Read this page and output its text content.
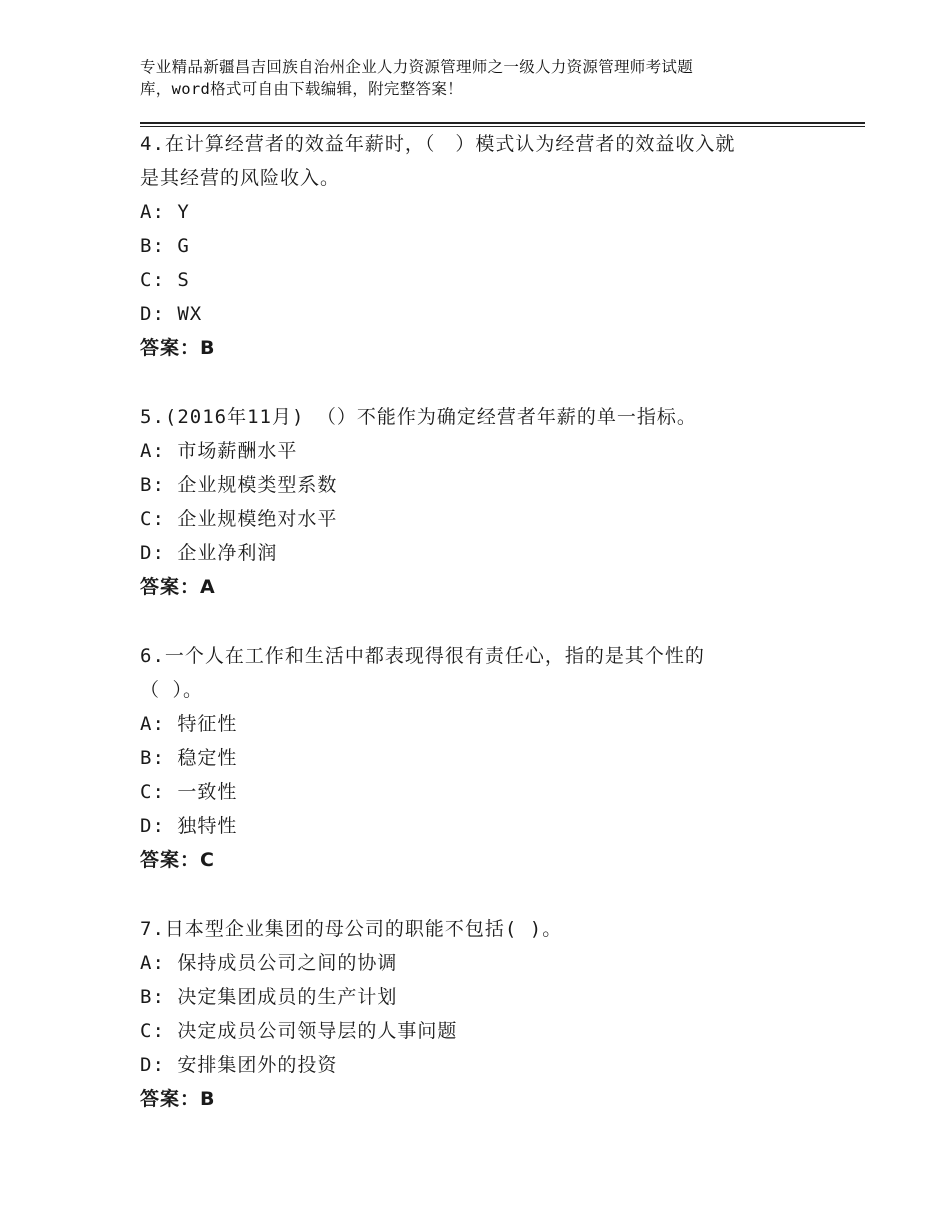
专业精品新疆昌吉回族自治州企业人力资源管理师之一级人力资源管理师考试题
库，word格式可自由下载编辑，附完整答案！
4.在计算经营者的效益年薪时，（　）模式认为经营者的效益收入就
是其经营的风险收入。
A: Y
B: G
C: S
D: WX
答案：B
5.(2016年11月) （）不能作为确定经营者年薪的单一指标。
A: 市场薪酬水平
B: 企业规模类型系数
C: 企业规模绝对水平
D: 企业净利润
答案：A
6.一个人在工作和生活中都表现得很有责任心，指的是其个性的
（ ）。
A: 特征性
B: 稳定性
C: 一致性
D: 独特性
答案：C
7.日本型企业集团的母公司的职能不包括( )。
A: 保持成员公司之间的协调
B: 决定集团成员的生产计划
C: 决定成员公司领导层的人事问题
D: 安排集团外的投资
答案：B
